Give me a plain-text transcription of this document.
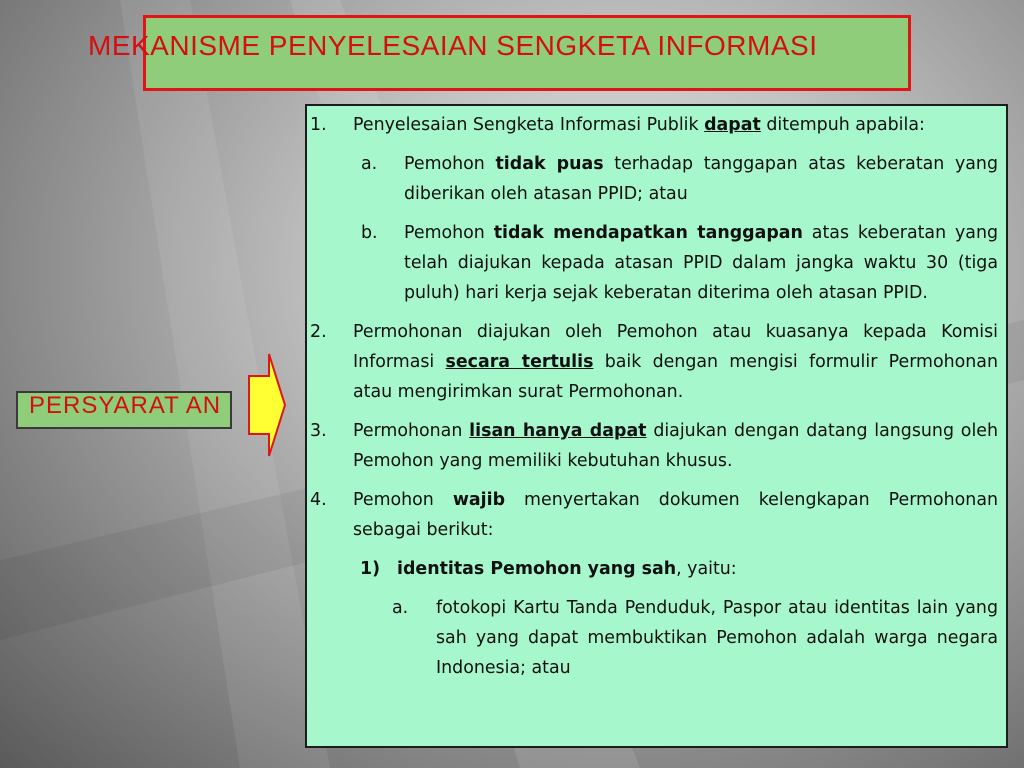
MEKANISME PENYELESAIAN SENGKETA INFORMASI
1. Penyelesaian Sengketa Informasi Publik dapat ditempuh apabila:
a. Pemohon tidak puas terhadap tanggapan atas keberatan yang diberikan oleh atasan PPID; atau
b. Pemohon tidak mendapatkan tanggapan atas keberatan yang telah diajukan kepada atasan PPID dalam jangka waktu 30 (tiga puluh) hari kerja sejak keberatan diterima oleh atasan PPID.
2. Permohonan diajukan oleh Pemohon atau kuasanya kepada Komisi Informasi secara tertulis baik dengan mengisi formulir Permohonan atau mengirimkan surat Permohonan.
3. Permohonan lisan hanya dapat diajukan dengan datang langsung oleh Pemohon yang memiliki kebutuhan khusus.
4. Pemohon wajib menyertakan dokumen kelengkapan Permohonan sebagai berikut:
1) identitas Pemohon yang sah, yaitu:
a. fotokopi Kartu Tanda Penduduk, Paspor atau identitas lain yang sah yang dapat membuktikan Pemohon adalah warga negara Indonesia; atau
PERSYARAT AN
